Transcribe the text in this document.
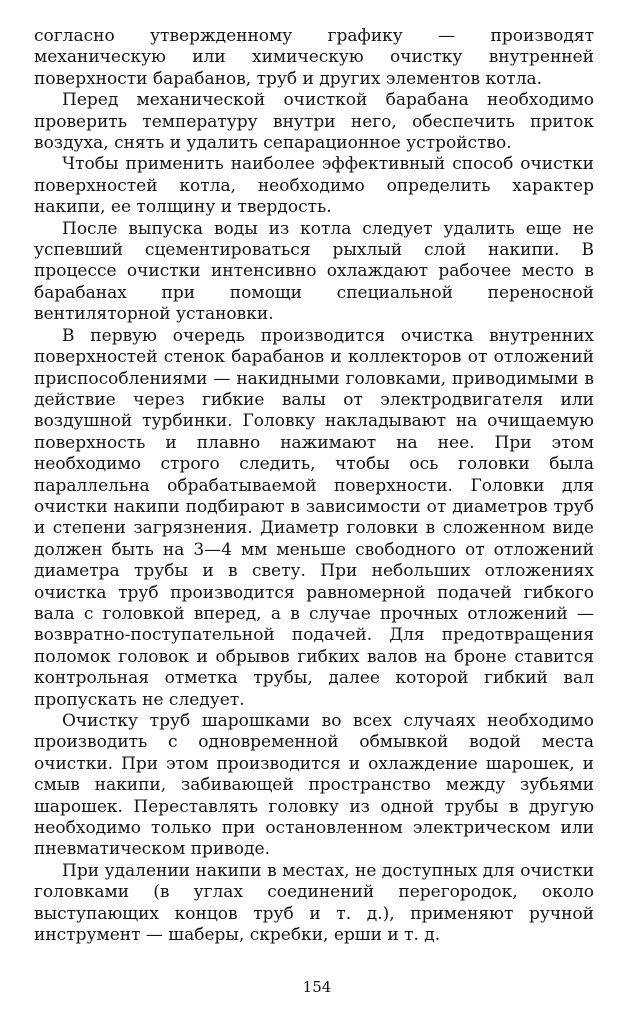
согласно утвержденному графику — производят механическую или химическую очистку внутренней поверхности барабанов, труб и других элементов котла.

Перед механической очисткой барабана необходимо проверить температуру внутри него, обеспечить приток воздуха, снять и удалить сепарационное устройство.

Чтобы применить наиболее эффективный способ очистки поверхностей котла, необходимо определить характер накипи, ее толщину и твердость.

После выпуска воды из котла следует удалить еще не успевший сцементироваться рыхлый слой накипи. В процессе очистки интенсивно охлаждают рабочее место в барабанах при помощи специальной переносной вентиляторной установки.

В первую очередь производится очистка внутренних поверхностей стенок барабанов и коллекторов от отложений приспособлениями — накидными головками, приводимыми в действие через гибкие валы от электродвигателя или воздушной турбинки. Головку накладывают на очищаемую поверхность и плавно нажимают на нее. При этом необходимо строго следить, чтобы ось головки была параллельна обрабатываемой поверхности. Головки для очистки накипи подбирают в зависимости от диаметров труб и степени загрязнения. Диаметр головки в сложенном виде должен быть на 3—4 мм меньше свободного от отложений диаметра трубы и в свету. При небольших отложениях очистка труб производится равномерной подачей гибкого вала с головкой вперед, а в случае прочных отложений — возвратно-поступательной подачей. Для предотвращения поломок головок и обрывов гибких валов на броне ставится контрольная отметка трубы, далее которой гибкий вал пропускать не следует.

Очистку труб шарошками во всех случаях необходимо производить с одновременной обмывкой водой места очистки. При этом производится и охлаждение шарошек, и смыв накипи, забивающей пространство между зубьями шарошек. Переставлять головку из одной трубы в другую необходимо только при остановленном электрическом или пневматическом приводе.

При удалении накипи в местах, не доступных для очистки головками (в углах соединений перегородок, около выступающих концов труб и т. д.), применяют ручной инструмент — шаберы, скребки, ерши и т. д.

154
